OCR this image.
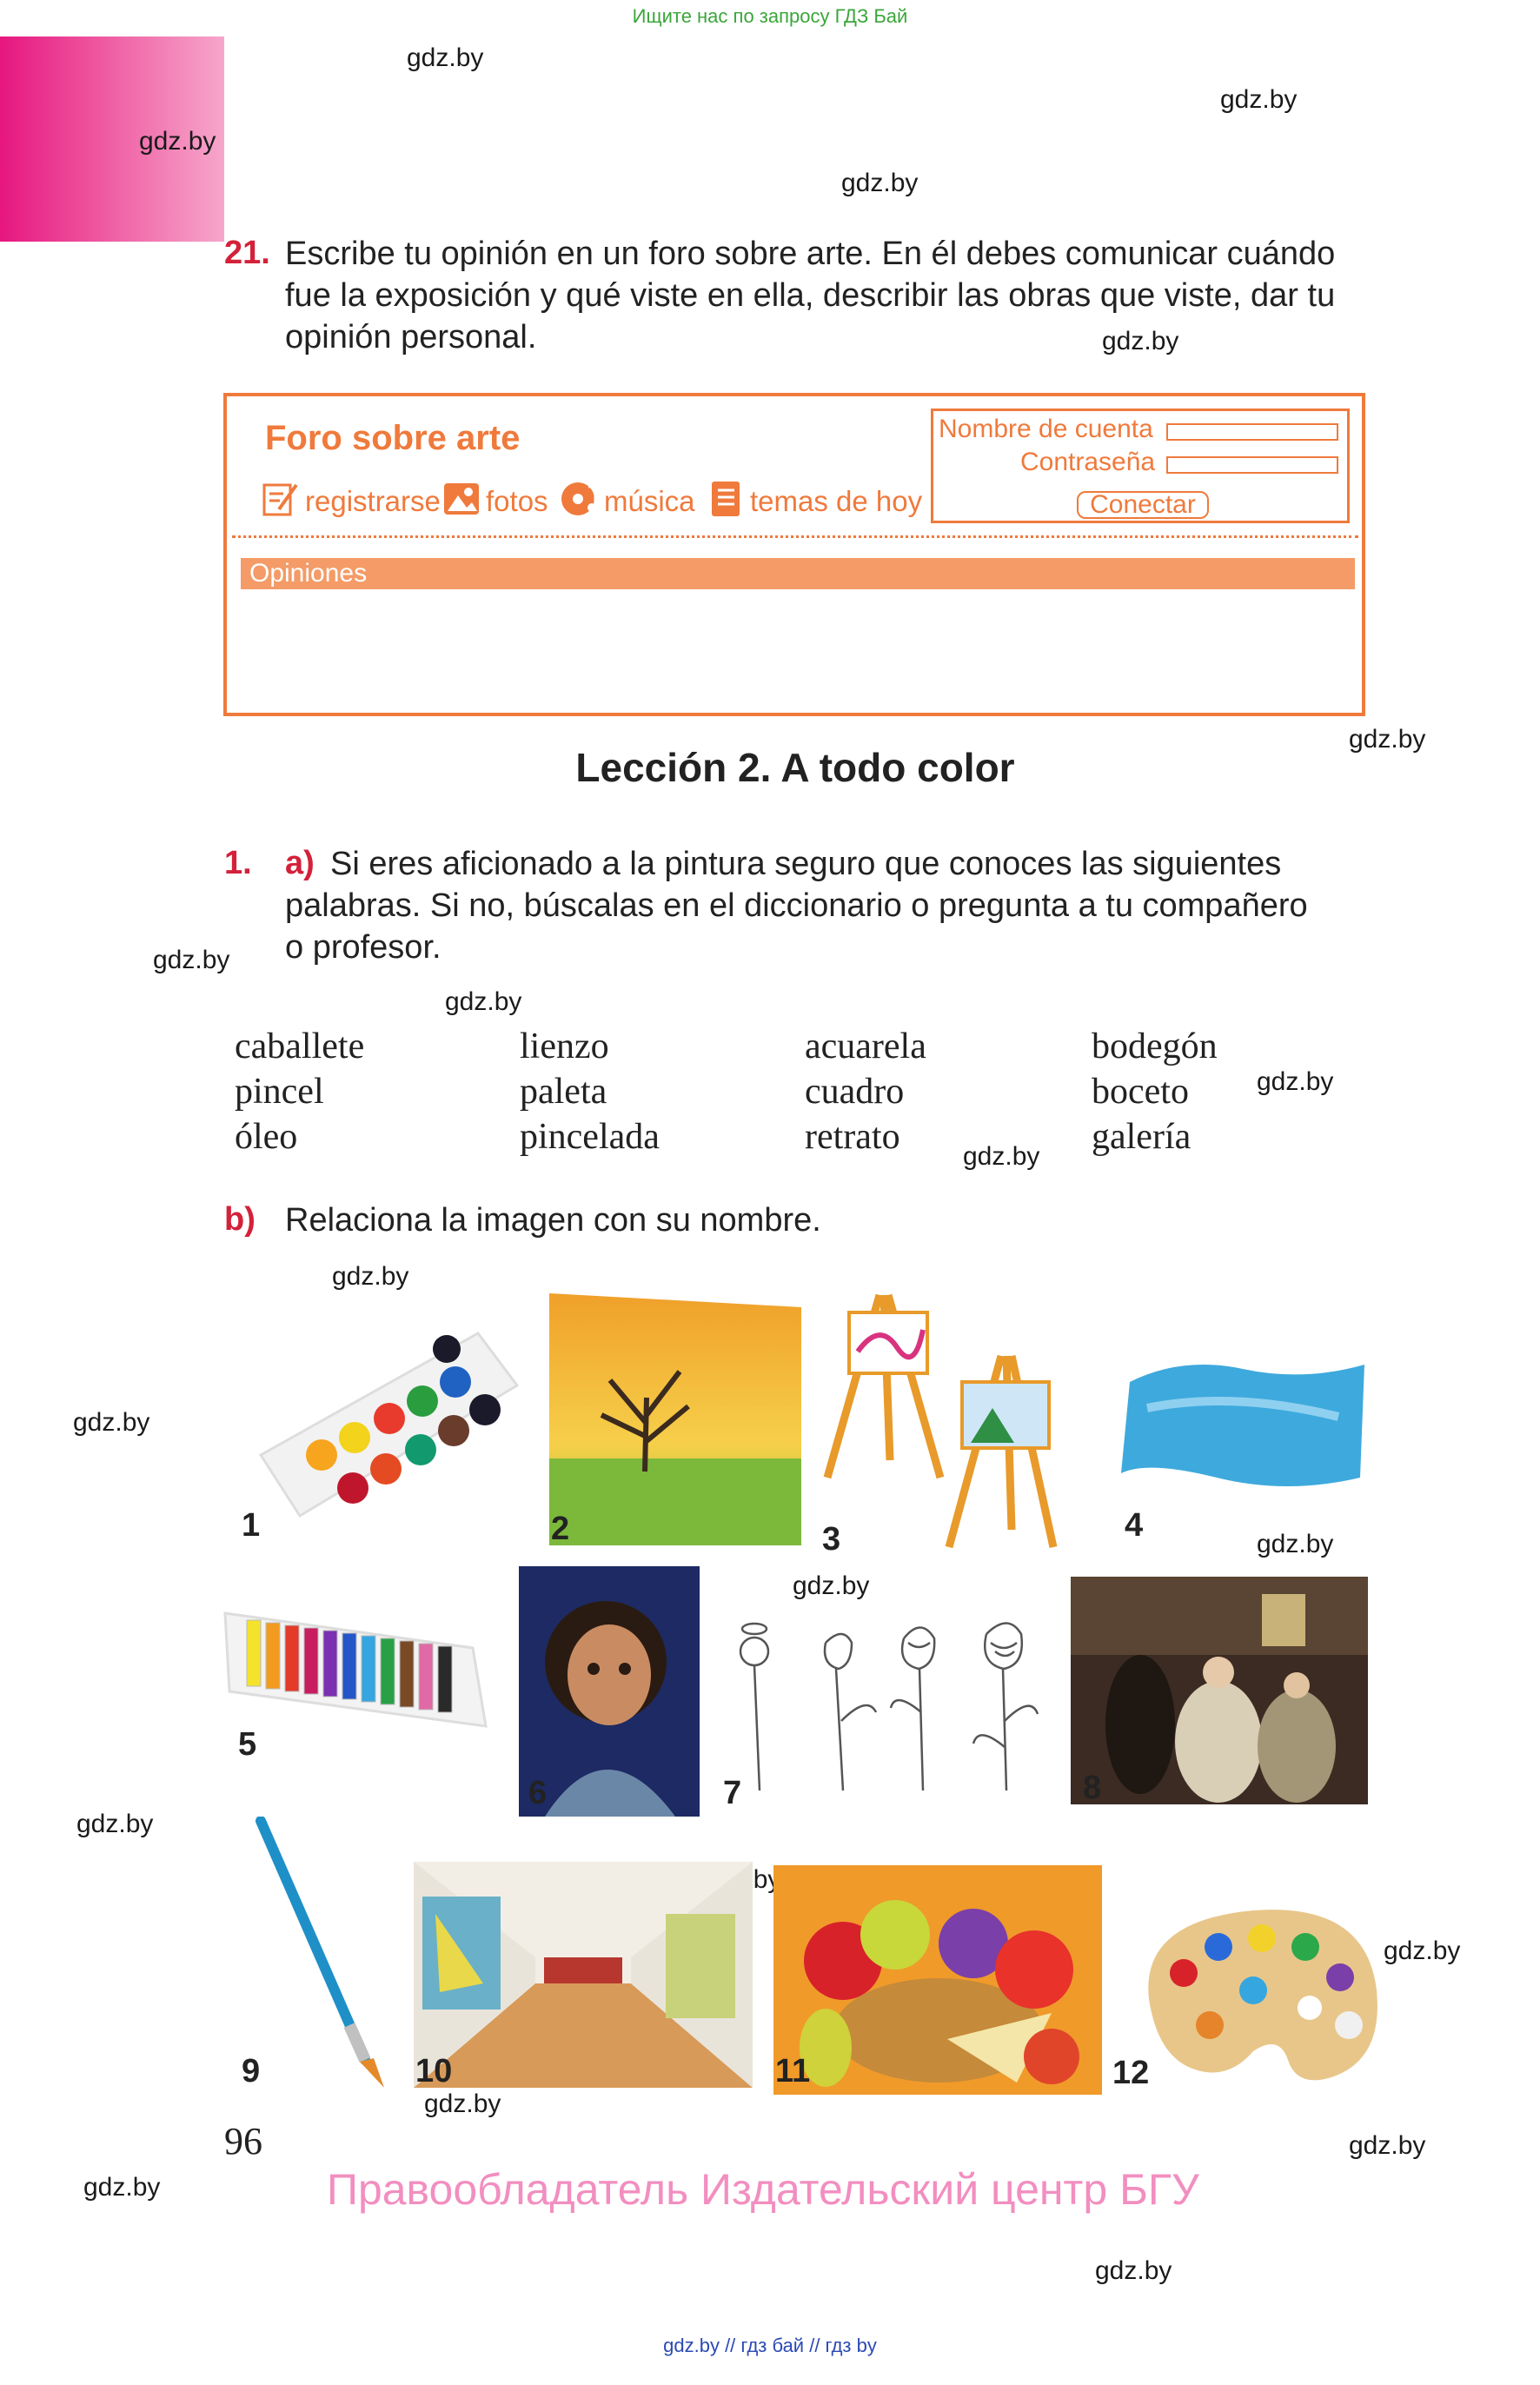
Ищите нас по запросу ГДЗ Бай
gdz.by
gdz.by
gdz.by
gdz.by
gdz.by
gdz.by
gdz.by
gdz.by
gdz.by
gdz.by
gdz.by
gdz.by
gdz.by
gdz.by
gdz.by
gdz.by
gdz.by
gdz.by
gdz.by
gdz.by
21. Escribe tu opinión en un foro sobre arte. En él debes comunicar cuándo
fue la exposición y qué viste en ella, describir las obras que viste, dar tu
opinión personal.
Foro sobre arte
registrarse fotos música temas de hoy
Nombre de cuenta
Contraseña
Conectar
Opiniones
Lección 2. A todo color
1. a) Si eres aficionado a la pintura seguro que conoces las siguientes
palabras. Si no, búscalas en el diccionario o pregunta a tu compañero
o profesor.
caballete	lienzo	acuarela	bodegón
pincel	paleta	cuadro	boceto
óleo	pincelada	retrato	galería
b) Relaciona la imagen con su nombre.
1	2	3	4
5
6	7	8
9	10	11	12
96
Правообладатель Издательский центр БГУ
gdz.by // гдз бай // гдз by
